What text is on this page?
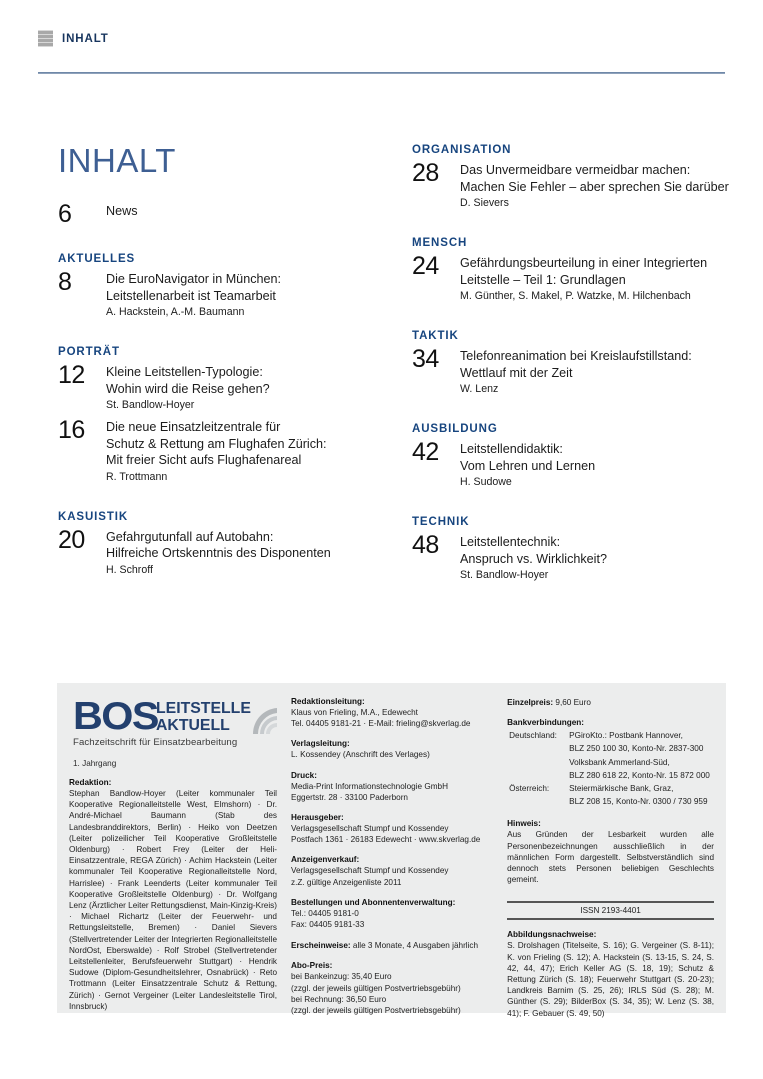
INHALT
INHALT
6	News
AKTUELLES
8	Die EuroNavigator in München:
Leitstellenarbeit ist Teamarbeit
A. Hackstein, A.-M. Baumann
PORTRÄT
12	Kleine Leitstellen-Typologie:
Wohin wird die Reise gehen?
St. Bandlow-Hoyer
16	Die neue Einsatzleitzentrale für
Schutz & Rettung am Flughafen Zürich:
Mit freier Sicht aufs Flughafenareal
R. Trottmann
KASUISTIK
20	Gefahrgutunfall auf Autobahn:
Hilfreiche Ortskenntnis des Disponenten
H. Schroff
ORGANISATION
28	Das Unvermeidbare vermeidbar machen:
Machen Sie Fehler – aber sprechen Sie darüber
D. Sievers
MENSCH
24	Gefährdungsbeurteilung in einer Integrierten
Leitstelle – Teil 1: Grundlagen
M. Günther, S. Makel, P. Watzke, M. Hilchenbach
TAKTIK
34	Telefonreanimation bei Kreislaufstillstand:
Wettlauf mit der Zeit
W. Lenz
AUSBILDUNG
42	Leitstellendidaktik:
Vom Lehren und Lernen
H. Sudowe
TECHNIK
48	Leitstellentechnik:
Anspruch vs. Wirklichkeit?
St. Bandlow-Hoyer
BOS
LEITSTELLE
AKTUELL
Fachzeitschrift für Einsatzbearbeitung
1. Jahrgang
Redaktion:
Stephan Bandlow-Hoyer (Leiter kommunaler Teil Kooperative Regionalleitstelle West, Elmshorn) · Dr. André-Michael Baumann (Stab des Landesbranddirektors, Berlin) · Heiko von Deetzen (Leiter polizeilicher Teil Kooperative Großleitstelle Oldenburg) · Robert Frey (Leiter der Heli-Einsatzzentrale, REGA Zürich) · Achim Hackstein (Leiter kommunaler Teil Kooperative Regionalleitstelle Nord, Harrislee) · Frank Leenderts (Leiter kommunaler Teil Kooperative Großleitstelle Oldenburg) · Dr. Wolfgang Lenz (Ärztlicher Leiter Rettungsdienst, Main-Kinzig-Kreis) · Michael Richartz (Leiter der Feuerwehr- und Rettungsleitstelle, Bremen) · Daniel Sievers (Stellvertretender Leiter der Integrierten Regionalleitstelle NordOst, Eberswalde) · Rolf Strobel (Stellvertretender Leitstellenleiter, Berufsfeuerwehr Stuttgart) · Hendrik Sudowe (Diplom-Gesundheitslehrer, Osnabrück) · Reto Trottmann (Leiter Einsatzzentrale Schutz & Rettung, Zürich) · Gernot Vergeiner (Leiter Landesleitstelle Tirol, Innsbruck)
Redaktionsleitung:
Klaus von Frieling, M.A., Edewecht
Tel. 04405 9181-21 · E-Mail: frieling@skverlag.de
Verlagsleitung:
L. Kossendey (Anschrift des Verlages)
Druck:
Media-Print Informationstechnologie GmbH
Eggertstr. 28 · 33100 Paderborn
Herausgeber:
Verlagsgesellschaft Stumpf und Kossendey
Postfach 1361 · 26183 Edewecht · www.skverlag.de
Anzeigenverkauf:
Verlagsgesellschaft Stumpf und Kossendey
z.Z. gültige Anzeigenliste 2011
Bestellungen und Abonnentenverwaltung:
Tel.: 04405 9181-0
Fax: 04405 9181-33
Erscheinweise: alle 3 Monate, 4 Ausgaben jährlich
Abo-Preis:
bei Bankeinzug: 35,40 Euro
(zzgl. der jeweils gültigen Postvertriebsgebühr)
bei Rechnung: 36,50 Euro
(zzgl. der jeweils gültigen Postvertriebsgebühr)
Einzelpreis: 9,60 Euro
Bankverbindungen:
Deutschland:	PGiroKto.: Postbank Hannover,
	BLZ 250 100 30, Konto-Nr. 2837-300
	Volksbank Ammerland-Süd,
	BLZ 280 618 22, Konto-Nr. 15 872 000
Österreich:	Steiermärkische Bank, Graz,
	BLZ 208 15, Konto-Nr. 0300 / 730 959
Hinweis:
Aus Gründen der Lesbarkeit wurden alle Personenbezeichnungen ausschließlich in der männlichen Form dargestellt. Selbstverständlich sind dennoch stets Personen beliebigen Geschlechts gemeint.
ISSN 2193-4401
Abbildungsnachweise:
S. Drolshagen (Titelseite, S. 16); G. Vergeiner (S. 8-11); K. von Frieling (S. 12); A. Hackstein (S. 13-15, S. 24, S. 42, 44, 47); Erich Keller AG (S. 18, 19); Schutz & Rettung Zürich (S. 18); Feuerwehr Stuttgart (S. 20-23); Landkreis Barnim (S. 25, 26); IRLS Süd (S. 28); M. Günther (S. 29); BilderBox (S. 34, 35); W. Lenz (S. 38, 41); F. Gebauer (S. 49, 50)
